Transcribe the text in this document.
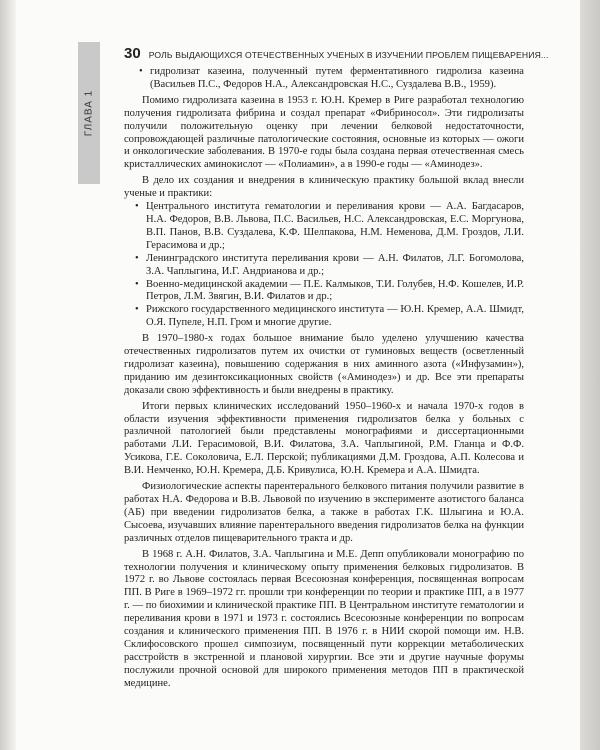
ГЛАВА 1
30 РОЛЬ ВЫДАЮЩИХСЯ ОТЕЧЕСТВЕННЫХ УЧЕНЫХ В ИЗУЧЕНИИ ПРОБЛЕМ ПИЩЕВАРЕНИЯ...
• гидролизат казеина, полученный путем ферментативного гидролиза казеина (Васильев П.С., Федоров Н.А., Александровская Н.С., Суздалева В.В., 1959).

Помимо гидролизата казеина в 1953 г. Ю.Н. Кремер в Риге разработал технологию получения гидролизата фибрина и создал препарат «Фибриносол». Эти гидролизаты получили положительную оценку при лечении белковой недостаточности, сопровождающей различные патологические состояния, основные из которых — ожоги и онкологические заболевания. В 1970-е годы была создана первая отечественная смесь кристаллических аминокислот — «Полиамин», а в 1990-е годы — «Аминодез».

В дело их создания и внедрения в клиническую практику большой вклад внесли ученые и практики:

• Центрального института гематологии и переливания крови — А.А. Багдасаров, Н.А. Федоров, В.В. Львова, П.С. Васильев, Н.С. Александровская, Е.С. Моргунова, В.П. Панов, В.В. Суздалева, К.Ф. Шелпакова, Н.М. Неменова, Д.М. Гроздов, Л.И. Герасимова и др.;
• Ленинградского института переливания крови — А.Н. Филатов, Л.Г. Богомолова, З.А. Чаплыгина, И.Г. Андрианова и др.;
• Военно-медицинской академии — П.Е. Калмыков, Т.И. Голубев, Н.Ф. Кошелев, И.Р. Петров, Л.М. Звягин, В.И. Филатов и др.;
• Рижского государственного медицинского института — Ю.Н. Кремер, А.А. Шмидт, О.Я. Пупеле, Н.П. Гром и многие другие.

В 1970–1980-х годах большое внимание было уделено улучшению качества отечественных гидролизатов путем их очистки от гуминовых веществ (осветленный гидролизат казеина), повышению содержания в них аминного азота («Инфузамин»), приданию им дезинтоксикационных свойств («Аминодез») и др. Все эти препараты доказали свою эффективность и были внедрены в практику.

Итоги первых клинических исследований 1950–1960-х и начала 1970-х годов в области изучения эффективности применения гидролизатов белка у больных с различной патологией были представлены монографиями и диссертационными работами Л.И. Герасимовой, В.И. Филатова, З.А. Чаплыгиной, Р.М. Гланца и Ф.Ф. Усикова, Г.Е. Соколовича, Е.Л. Перской; публикациями Д.М. Гроздова, А.П. Колесова и В.И. Немченко, Ю.Н. Кремера, Д.Б. Кривулиса, Ю.Н. Кремера и А.А. Шмидта.

Физиологические аспекты парентерального белкового питания получили развитие в работах Н.А. Федорова и В.В. Львовой по изучению в эксперименте азотистого баланса (АБ) при введении гидролизатов белка, а также в работах Г.К. Шлыгина и Ю.А. Сысоева, изучавших влияние парентерального введения гидролизатов белка на функции различных отделов пищеварительного тракта и др.

В 1968 г. А.Н. Филатов, З.А. Чаплыгина и М.Е. Депп опубликовали монографию по технологии получения и клиническому опыту применения белковых гидролизатов. В 1972 г. во Львове состоялась первая Всесоюзная конференция, посвященная вопросам ПП. В Риге в 1969–1972 гг. прошли три конференции по теории и практике ПП, а в 1977 г. — по биохимии и клинической практике ПП. В Центральном институте гематологии и переливания крови в 1971 и 1973 г. состоялись Всесоюзные конференции по вопросам создания и клинического применения ПП. В 1976 г. в НИИ скорой помощи им. Н.В. Склифосовского прошел симпозиум, посвященный пути коррекции метаболических расстройств в экстренной и плановой хирургии. Все эти и другие научные форумы послужили прочной основой для широкого применения методов ПП в практической медицине.
